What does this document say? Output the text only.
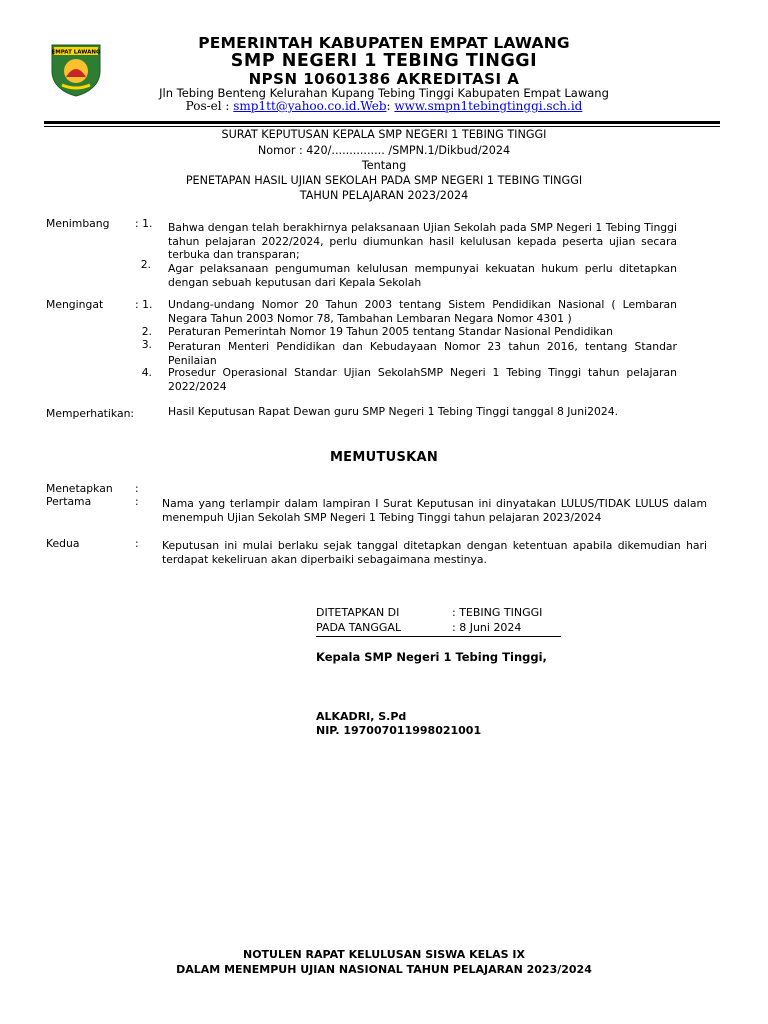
EMPAT LAWANG
PEMERINTAH KABUPATEN EMPAT LAWANG
SMP NEGERI 1 TEBING TINGGI
NPSN 10601386 AKREDITASI A
Jln Tebing Benteng Kelurahan Kupang Tebing Tinggi Kabupaten Empat Lawang
Pos-el : smp1tt@yahoo.co.id.Web: www.smpn1tebingtinggi.sch.id
SURAT KEPUTUSAN KEPALA SMP NEGERI 1 TEBING TINGGI
Nomor : 420/............... /SMPN.1/Dikbud/2024
Tentang
PENETAPAN HASIL UJIAN SEKOLAH PADA SMP NEGERI 1 TEBING TINGGI
TAHUN PELAJARAN 2023/2024
Menimbang : 1. Bahwa dengan telah berakhirnya pelaksanaan Ujian Sekolah pada SMP Negeri 1 Tebing Tinggi tahun pelajaran 2022/2024, perlu diumunkan hasil kelulusan kepada peserta ujian secara terbuka dan transparan;
2. Agar pelaksanaan pengumuman kelulusan mempunyai kekuatan hukum perlu ditetapkan dengan sebuah keputusan dari Kepala Sekolah
Mengingat	: 1. Undang-undang Nomor 20 Tahun 2003 tentang Sistem Pendidikan Nasional ( Lembaran Negara Tahun 2003 Nomor 78, Tambahan Lembaran Negara Nomor 4301 )
2. Peraturan Pemerintah Nomor 19 Tahun 2005 tentang Standar Nasional Pendidikan
3. Peraturan Menteri Pendidikan dan Kebudayaan Nomor 23 tahun 2016, tentang Standar Penilaian
4. Prosedur Operasional Standar Ujian SekolahSMP Negeri 1 Tebing Tinggi tahun pelajaran 2022/2024
Memperhatikan:	Hasil Keputusan Rapat Dewan guru SMP Negeri 1 Tebing Tinggi tanggal 8 Juni2024.
MEMUTUSKAN
Menetapkan :
Pertama	: Nama yang terlampir dalam lampiran I Surat Keputusan ini dinyatakan LULUS/TIDAK LULUS dalam menempuh Ujian Sekolah SMP Negeri 1 Tebing Tinggi tahun pelajaran 2023/2024
Kedua	: Keputusan ini mulai berlaku sejak tanggal ditetapkan dengan ketentuan apabila dikemudian hari terdapat kekeliruan akan diperbaiki sebagaimana mestinya.
DITETAPKAN DI	: TEBING TINGGI
PADA TANGGAL	: 8 Juni 2024
Kepala SMP Negeri 1 Tebing Tinggi,
ALKADRI, S.Pd
NIP. 197007011998021001
NOTULEN RAPAT KELULUSAN SISWA KELAS IX
DALAM MENEMPUH UJIAN NASIONAL TAHUN PELAJARAN 2023/2024
